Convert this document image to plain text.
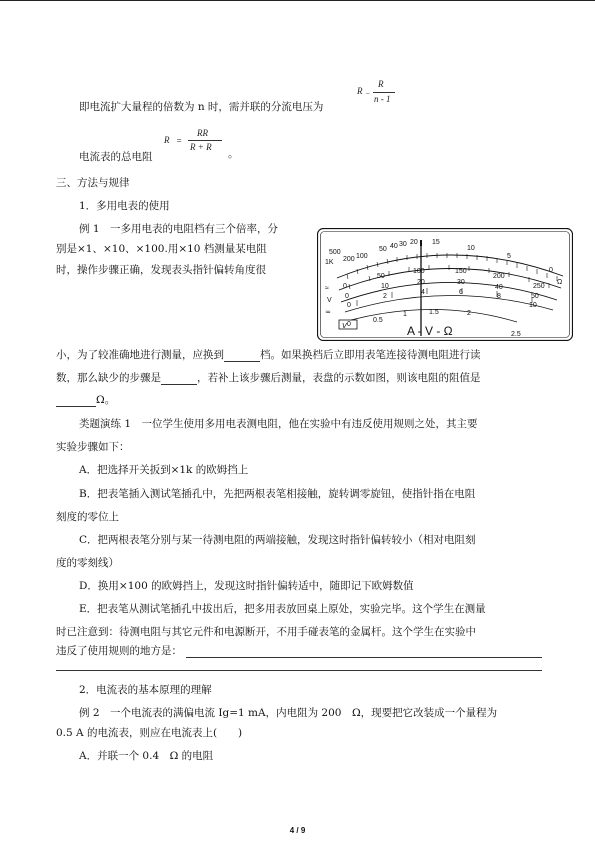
R –
R
n - 1
即电流扩大量程的倍数为 n 时，需并联的分流电压为
R =
RR
R + R
电流表的总电阻	。
三、方法与规律
1．多用电表的使用
例 1　一多用电表的电阻档有三个倍率，分
别是×1、×10、×100.用×10 档测量某电阻
时，操作步骤正确，发现表头指针偏转角度很
500
200 100
50 40 30 20 15
10
5
0
1K
Ω
0
50
100	150
200
250
0
10
20	30
40
50
0
2
4	6
8
10
0
0.5
1	1.5	2
2.5
≈
V
≂
V	A - V - Ω
小，为了较准确地进行测量，应换到	档。如果换档后立即用表笔连接待测电阻进行读
数，那么缺少的步骤是	，若补上该步骤后测量，表盘的示数如图，则该电阻的阻值是
Ω。
类题演练 1　一位学生使用多用电表测电阻，他在实验中有违反使用规则之处，其主要
实验步骤如下：
A．把选择开关扳到×1k 的欧姆挡上
B．把表笔插入测试笔插孔中，先把两根表笔相接触，旋转调零旋钮，使指针指在电阻
刻度的零位上
C．把两根表笔分别与某一待测电阻的两端接触，发现这时指针偏转较小（相对电阻刻
度的零刻线）
D．换用×100 的欧姆挡上，发现这时指针偏转适中，随即记下欧姆数值
E．把表笔从测试笔插孔中拔出后，把多用表放回桌上原处，实验完毕。这个学生在测量
时已注意到：待测电阻与其它元件和电源断开，不用手碰表笔的金属杆。这个学生在实验中
违反了使用规则的地方是：
2．电流表的基本原理的理解
例 2　一个电流表的满偏电流 Ig=1 mA，内电阻为 200　Ω，现要把它改装成一个量程为
0.5 A 的电流表，则应在电流表上(　　)
A．并联一个 0.4　Ω 的电阻
4 / 9
